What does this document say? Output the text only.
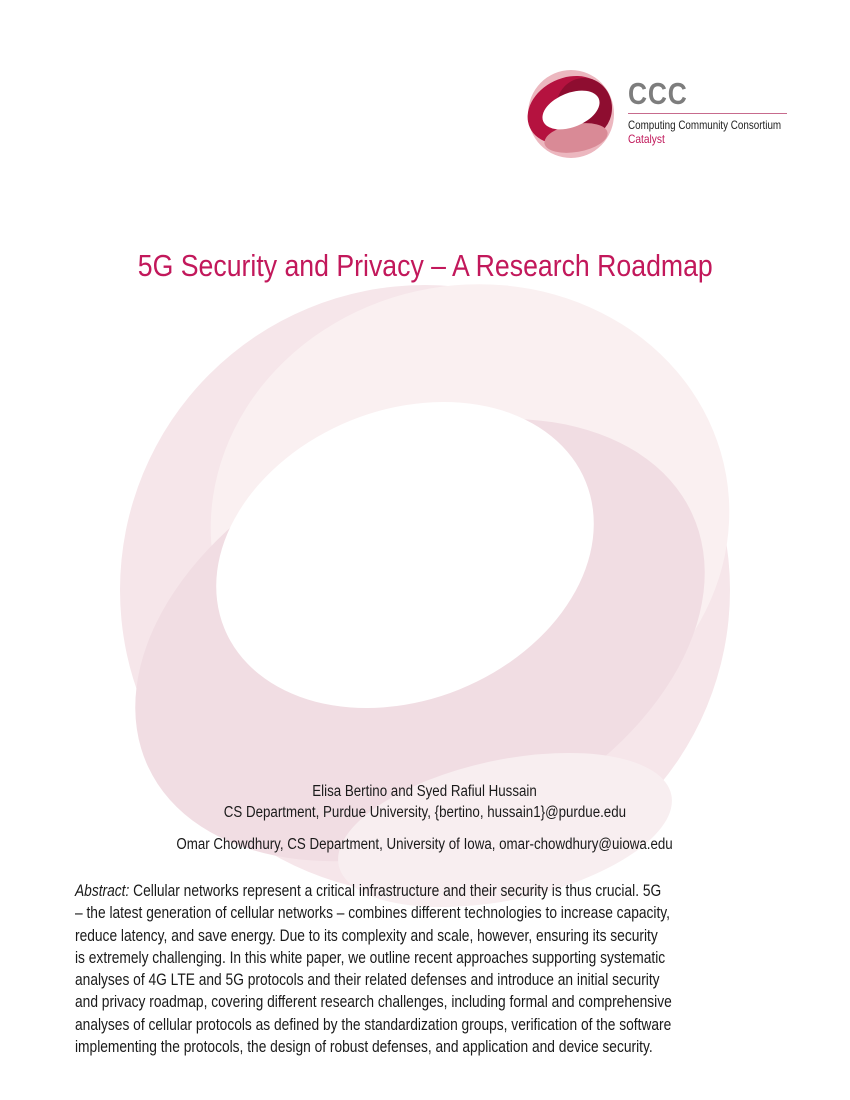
CCC
Computing Community Consortium
Catalyst
5G Security and Privacy – A Research Roadmap
Elisa Bertino and Syed Rafiul Hussain
CS Department, Purdue University, {bertino, hussain1}@purdue.edu
Omar Chowdhury, CS Department, University of Iowa, omar-chowdhury@uiowa.edu
Abstract: Cellular networks represent a critical infrastructure and their security is thus crucial. 5G
– the latest generation of cellular networks – combines different technologies to increase capacity,
reduce latency, and save energy. Due to its complexity and scale, however, ensuring its security
is extremely challenging. In this white paper, we outline recent approaches supporting systematic
analyses of 4G LTE and 5G protocols and their related defenses and introduce an initial security
and privacy roadmap, covering different research challenges, including formal and comprehensive
analyses of cellular protocols as defined by the standardization groups, verification of the software
implementing the protocols, the design of robust defenses, and application and device security.
